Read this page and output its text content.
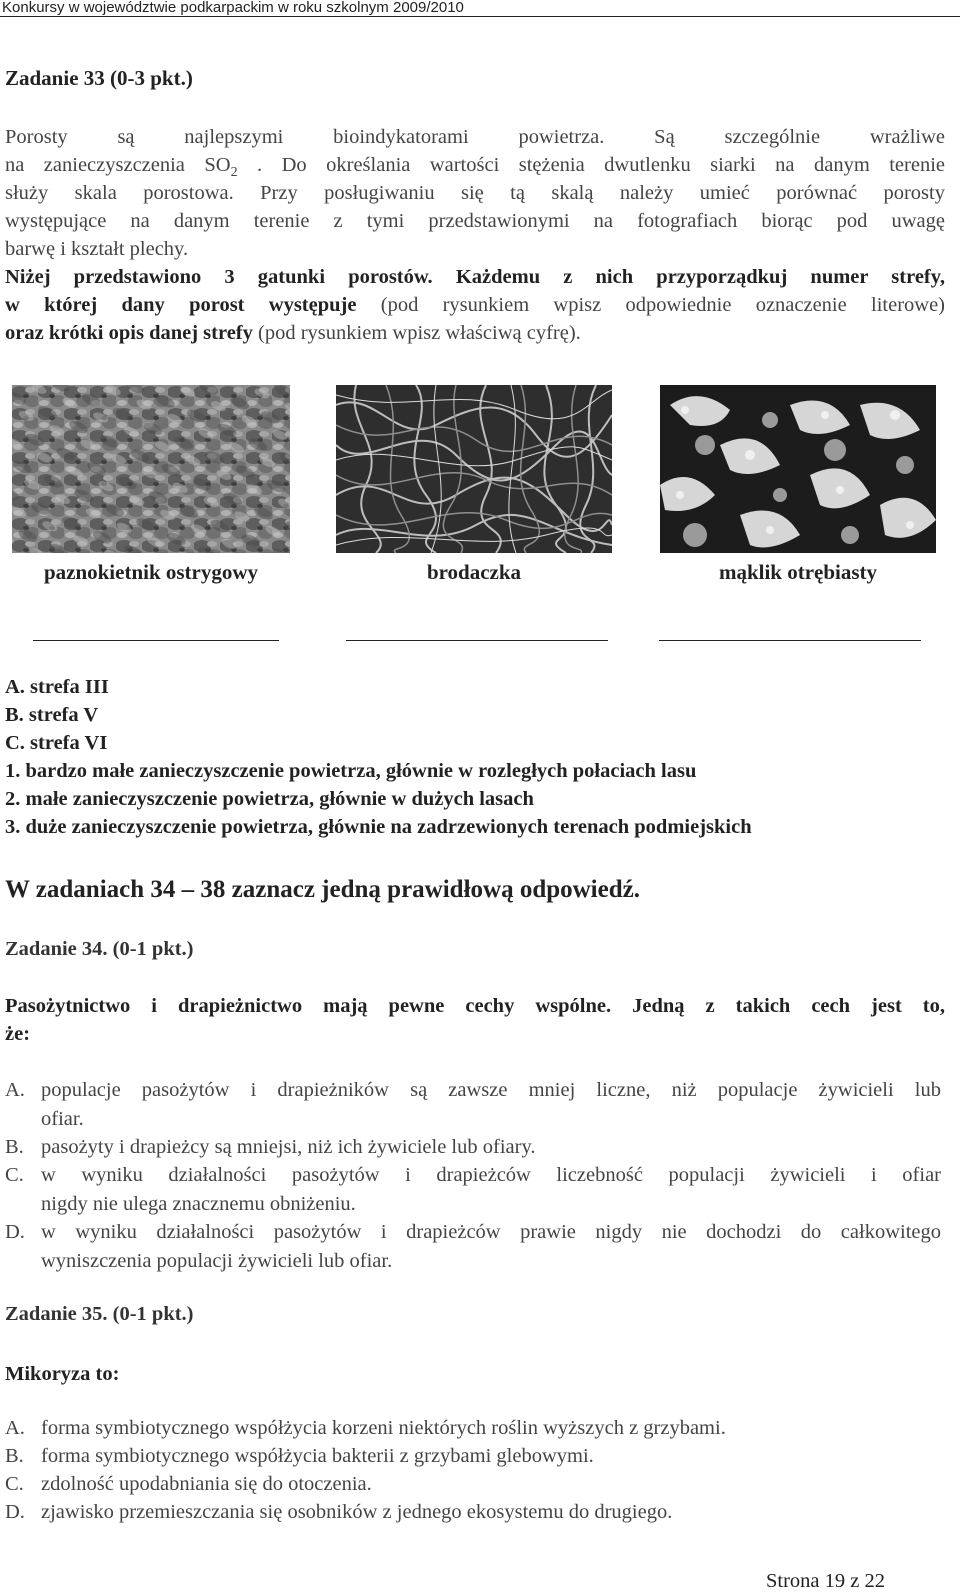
Konkursy w województwie podkarpackim w roku szkolnym 2009/2010
Zadanie 33 (0-3 pkt.)
Porosty są najlepszymi bioindykatorami powietrza. Są szczególnie wrażliwe
na zanieczyszczenia $SO_2$ . Do określania wartości stężenia dwutlenku siarki na danym terenie
służy skala porostowa. Przy posługiwaniu się tą skalą należy umieć porównać porosty
występujące na danym terenie z tymi przedstawionymi na fotografiach biorąc pod uwagę
barwę i kształt plechy.
Niżej przedstawiono 3 gatunki porostów. Każdemu z nich przyporządkuj numer strefy,
w której dany porost występuje (pod rysunkiem wpisz odpowiednie oznaczenie literowe)
oraz krótki opis danej strefy (pod rysunkiem wpisz właściwą cyfrę).
paznokietnik ostrygowy	brodaczka	mąklik otrębiasty
A. strefa III
B. strefa V
C. strefa VI
1. bardzo małe zanieczyszczenie powietrza, głównie w rozległych połaciach lasu
2. małe zanieczyszczenie powietrza, głównie w dużych lasach
3. duże zanieczyszczenie powietrza, głównie na zadrzewionych terenach podmiejskich
W zadaniach 34 – 38 zaznacz jedną prawidłową odpowiedź.
Zadanie 34. (0-1 pkt.)
Pasożytnictwo i drapieżnictwo mają pewne cechy wspólne. Jedną z takich cech jest to,
że:
A. populacje pasożytów i drapieżników są zawsze mniej liczne, niż populacje żywicieli lub
ofiar.
B. pasożyty i drapieżcy są mniejsi, niż ich żywiciele lub ofiary.
C. w wyniku działalności pasożytów i drapieżców liczebność populacji żywicieli i ofiar
nigdy nie ulega znacznemu obniżeniu.
D. w wyniku działalności pasożytów i drapieżców prawie nigdy nie dochodzi do całkowitego
wyniszczenia populacji żywicieli lub ofiar.
Zadanie 35. (0-1 pkt.)
Mikoryza to:
A. forma symbiotycznego współżycia korzeni niektórych roślin wyższych z grzybami.
B. forma symbiotycznego współżycia bakterii z grzybami glebowymi.
C. zdolność upodabniania się do otoczenia.
D. zjawisko przemieszczania się osobników z jednego ekosystemu do drugiego.
Strona 19 z 22
